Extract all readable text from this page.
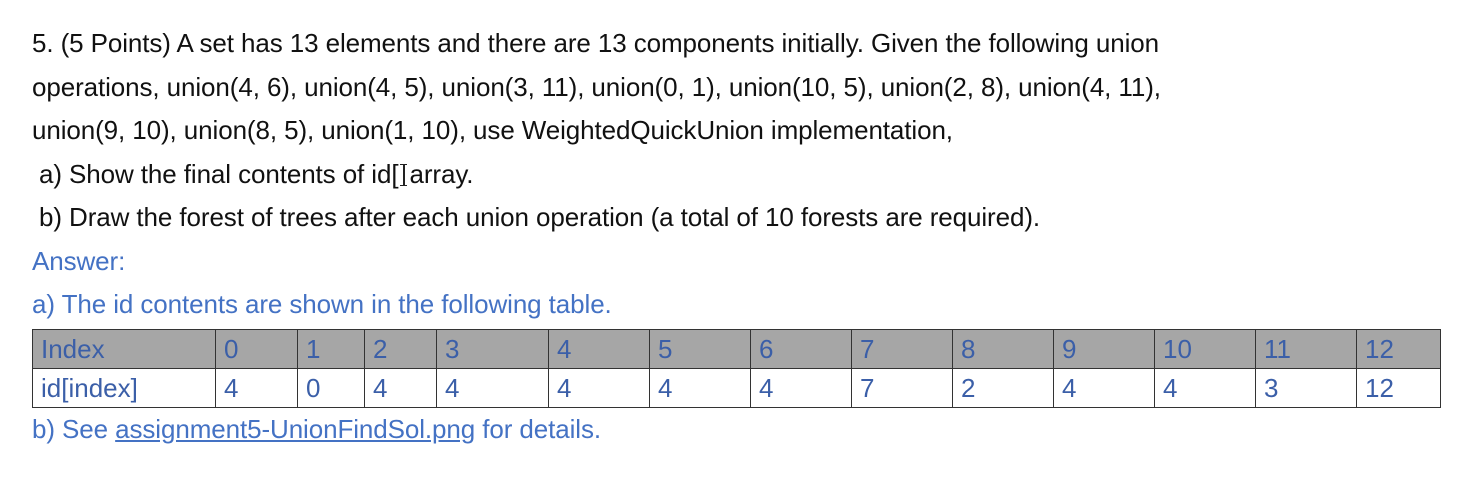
5. (5 Points) A set has 13 elements and there are 13 components initially. Given the following union
operations, union(4, 6), union(4, 5), union(3, 11), union(0, 1), union(10, 5), union(2, 8), union(4, 11),
union(9, 10), union(8, 5), union(1, 10), use WeightedQuickUnion implementation,
a) Show the final contents of id[ array.
b) Draw the forest of trees after each union operation (a total of 10 forests are required).
Answer:
a) The id contents are shown in the following table.
Index	0	1	2	3	4	5	6	7	8	9	10	11	12
id[index]	4	0	4	4	4	4	4	7	2	4	4	3	12
b) See assignment5-UnionFindSol.png for details.
